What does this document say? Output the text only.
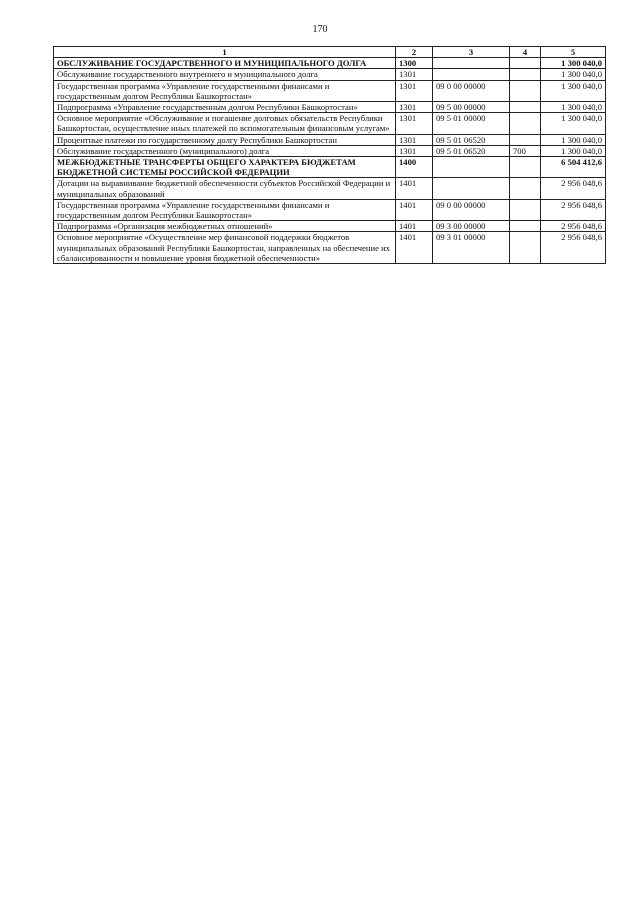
170
1	2	3	4	5
ОБСЛУЖИВАНИЕ ГОСУДАРСТВЕННОГО И МУНИЦИПАЛЬНОГО ДОЛГА	1300			1 300 040,0
Обслуживание государственного внутреннего и муниципального долга	1301			1 300 040,0
Государственная программа «Управление государственными финансами и государственным долгом Республики Башкортостан»	1301	09 0 00 00000		1 300 040,0
Подпрограмма «Управление государственным долгом Республики Башкортостан»	1301	09 5 00 00000		1 300 040,0
Основное мероприятие «Обслуживание и погашение долговых обязательств Республики Башкортостан, осуществление иных платежей по вспомогательным финансовым услугам»	1301	09 5 01 00000		1 300 040,0
Процентные платежи по государственному долгу Республики Башкортостан	1301	09 5 01 06520		1 300 040,0
Обслуживание государственного (муниципального) долга	1301	09 5 01 06520	700	1 300 040,0
МЕЖБЮДЖЕТНЫЕ ТРАНСФЕРТЫ ОБЩЕГО ХАРАКТЕРА БЮДЖЕТАМ БЮДЖЕТНОЙ СИСТЕМЫ РОССИЙСКОЙ ФЕДЕРАЦИИ	1400			6 504 412,6
Дотации на выравнивание бюджетной обеспеченности субъектов Российской Федерации и муниципальных образований	1401			2 956 048,6
Государственная программа «Управление государственными финансами и государственным долгом Республики Башкортостан»	1401	09 0 00 00000		2 956 048,6
Подпрограмма «Организация межбюджетных отношений»	1401	09 3 00 00000		2 956 048,6
Основное мероприятие «Осуществление мер финансовой поддержки бюджетов муниципальных образований Республики Башкортостан, направленных на обеспечение их сбалансированности и повышение уровня бюджетной обеспеченности»	1401	09 3 01 00000		2 956 048,6
